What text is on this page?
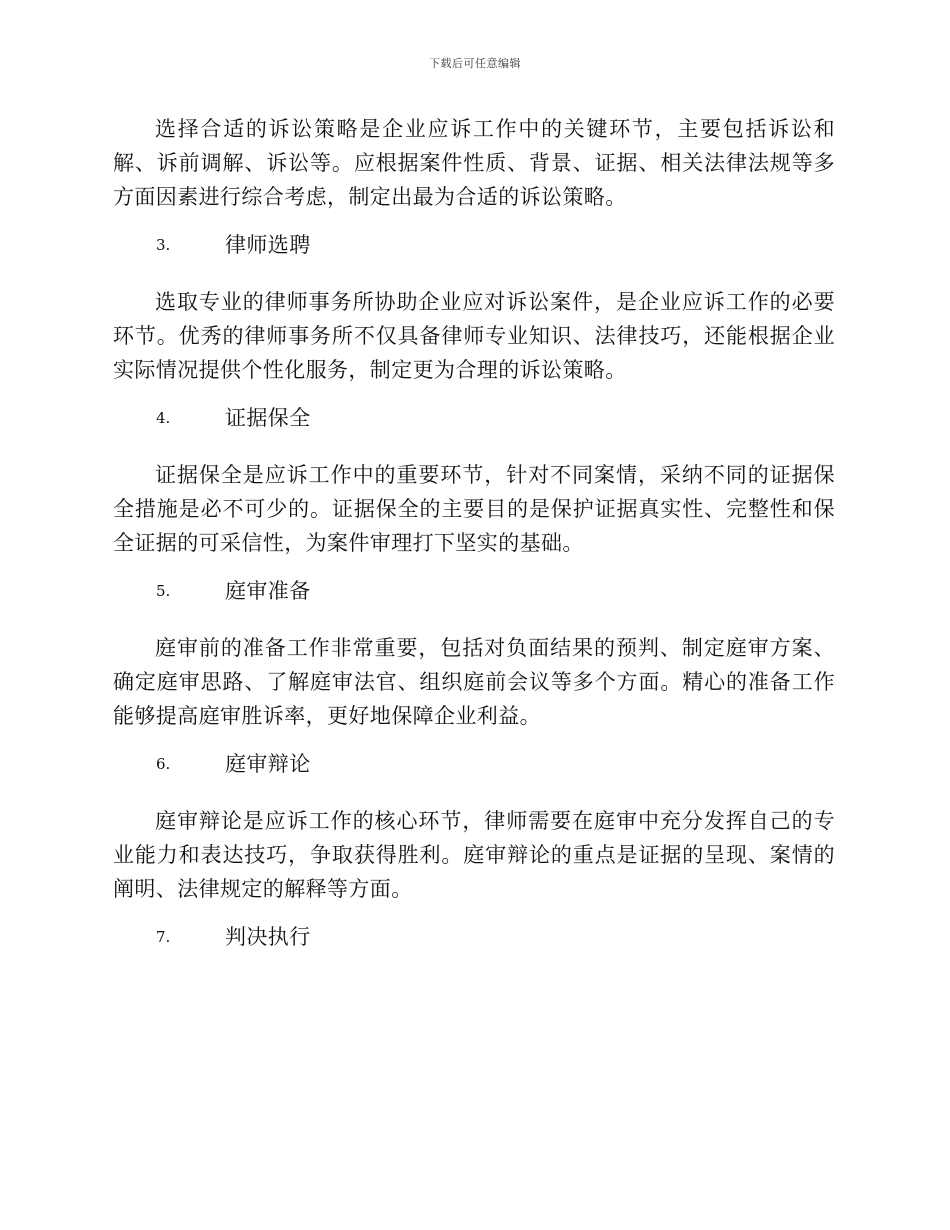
下载后可任意编辑

选择合适的诉讼策略是企业应诉工作中的关键环节，主要包括诉讼和解、诉前调解、诉讼等。应根据案件性质、背景、证据、相关法律法规等多方面因素进行综合考虑，制定出最为合适的诉讼策略。

3.	律师选聘

选取专业的律师事务所协助企业应对诉讼案件，是企业应诉工作的必要环节。优秀的律师事务所不仅具备律师专业知识、法律技巧，还能根据企业实际情况提供个性化服务，制定更为合理的诉讼策略。

4.	证据保全

证据保全是应诉工作中的重要环节，针对不同案情，采纳不同的证据保全措施是必不可少的。证据保全的主要目的是保护证据真实性、完整性和保全证据的可采信性，为案件审理打下坚实的基础。

5.	庭审准备

庭审前的准备工作非常重要，包括对负面结果的预判、制定庭审方案、确定庭审思路、了解庭审法官、组织庭前会议等多个方面。精心的准备工作能够提高庭审胜诉率，更好地保障企业利益。

6.	庭审辩论

庭审辩论是应诉工作的核心环节，律师需要在庭审中充分发挥自己的专业能力和表达技巧，争取获得胜利。庭审辩论的重点是证据的呈现、案情的阐明、法律规定的解释等方面。

7.	判决执行
